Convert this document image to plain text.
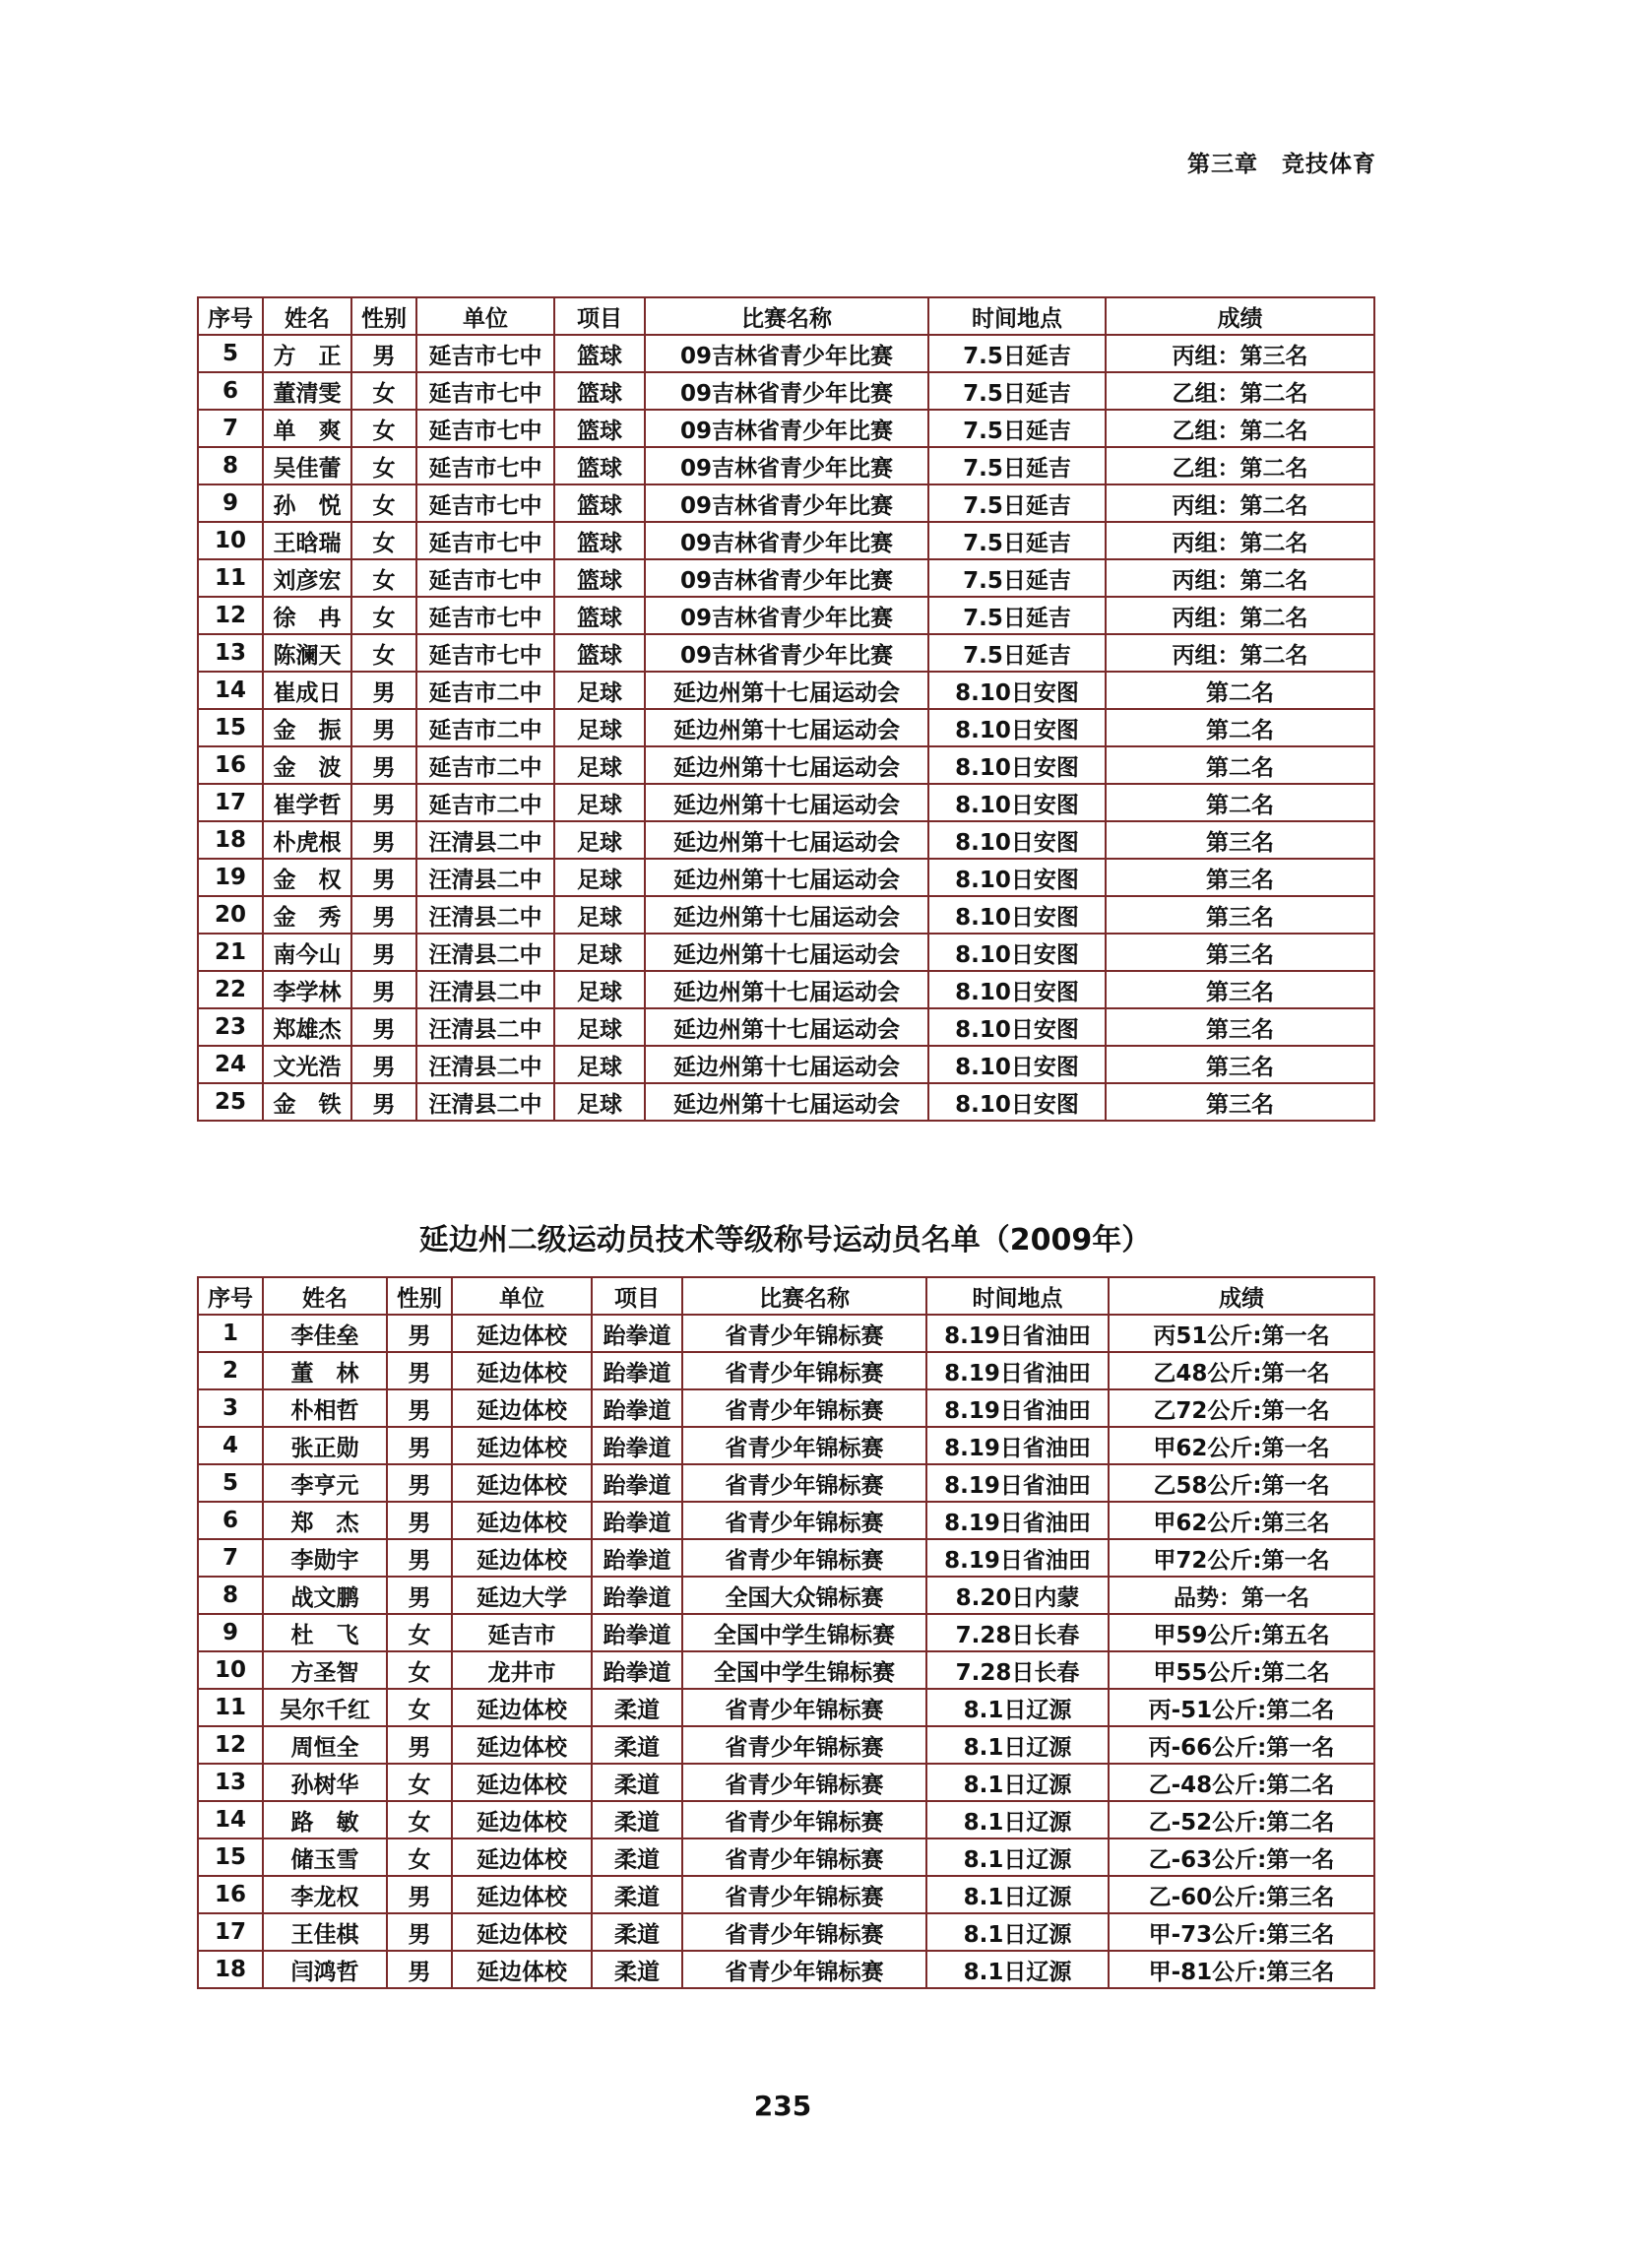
第三章　竞技体育
序号	姓名	性别	单位	项目	比赛名称	时间地点	成绩
5	方　正	男	延吉市七中	篮球	09吉林省青少年比赛	7.5日延吉	丙组：第三名
6	董清雯	女	延吉市七中	篮球	09吉林省青少年比赛	7.5日延吉	乙组：第二名
7	单　爽	女	延吉市七中	篮球	09吉林省青少年比赛	7.5日延吉	乙组：第二名
8	吴佳蕾	女	延吉市七中	篮球	09吉林省青少年比赛	7.5日延吉	乙组：第二名
9	孙　悦	女	延吉市七中	篮球	09吉林省青少年比赛	7.5日延吉	丙组：第二名
10	王晗瑞	女	延吉市七中	篮球	09吉林省青少年比赛	7.5日延吉	丙组：第二名
11	刘彦宏	女	延吉市七中	篮球	09吉林省青少年比赛	7.5日延吉	丙组：第二名
12	徐　冉	女	延吉市七中	篮球	09吉林省青少年比赛	7.5日延吉	丙组：第二名
13	陈澜天	女	延吉市七中	篮球	09吉林省青少年比赛	7.5日延吉	丙组：第二名
14	崔成日	男	延吉市二中	足球	延边州第十七届运动会	8.10日安图	第二名
15	金　振	男	延吉市二中	足球	延边州第十七届运动会	8.10日安图	第二名
16	金　波	男	延吉市二中	足球	延边州第十七届运动会	8.10日安图	第二名
17	崔学哲	男	延吉市二中	足球	延边州第十七届运动会	8.10日安图	第二名
18	朴虎根	男	汪清县二中	足球	延边州第十七届运动会	8.10日安图	第三名
19	金　权	男	汪清县二中	足球	延边州第十七届运动会	8.10日安图	第三名
20	金　秀	男	汪清县二中	足球	延边州第十七届运动会	8.10日安图	第三名
21	南今山	男	汪清县二中	足球	延边州第十七届运动会	8.10日安图	第三名
22	李学林	男	汪清县二中	足球	延边州第十七届运动会	8.10日安图	第三名
23	郑雄杰	男	汪清县二中	足球	延边州第十七届运动会	8.10日安图	第三名
24	文光浩	男	汪清县二中	足球	延边州第十七届运动会	8.10日安图	第三名
25	金　铁	男	汪清县二中	足球	延边州第十七届运动会	8.10日安图	第三名
延边州二级运动员技术等级称号运动员名单（2009年）
序号	姓名	性别	单位	项目	比赛名称	时间地点	成绩
1	李佳垒	男	延边体校	跆拳道	省青少年锦标赛	8.19日省油田	丙51公斤:第一名
2	董　林	男	延边体校	跆拳道	省青少年锦标赛	8.19日省油田	乙48公斤:第一名
3	朴相哲	男	延边体校	跆拳道	省青少年锦标赛	8.19日省油田	乙72公斤:第一名
4	张正勋	男	延边体校	跆拳道	省青少年锦标赛	8.19日省油田	甲62公斤:第一名
5	李亨元	男	延边体校	跆拳道	省青少年锦标赛	8.19日省油田	乙58公斤:第一名
6	郑　杰	男	延边体校	跆拳道	省青少年锦标赛	8.19日省油田	甲62公斤:第三名
7	李勋宇	男	延边体校	跆拳道	省青少年锦标赛	8.19日省油田	甲72公斤:第一名
8	战文鹏	男	延边大学	跆拳道	全国大众锦标赛	8.20日内蒙	品势：第一名
9	杜　飞	女	延吉市	跆拳道	全国中学生锦标赛	7.28日长春	甲59公斤:第五名
10	方圣智	女	龙井市	跆拳道	全国中学生锦标赛	7.28日长春	甲55公斤:第二名
11	吴尔千红	女	延边体校	柔道	省青少年锦标赛	8.1日辽源	丙-51公斤:第二名
12	周恒全	男	延边体校	柔道	省青少年锦标赛	8.1日辽源	丙-66公斤:第一名
13	孙树华	女	延边体校	柔道	省青少年锦标赛	8.1日辽源	乙-48公斤:第二名
14	路　敏	女	延边体校	柔道	省青少年锦标赛	8.1日辽源	乙-52公斤:第二名
15	储玉雪	女	延边体校	柔道	省青少年锦标赛	8.1日辽源	乙-63公斤:第一名
16	李龙权	男	延边体校	柔道	省青少年锦标赛	8.1日辽源	乙-60公斤:第三名
17	王佳棋	男	延边体校	柔道	省青少年锦标赛	8.1日辽源	甲-73公斤:第三名
18	闫鸿哲	男	延边体校	柔道	省青少年锦标赛	8.1日辽源	甲-81公斤:第三名
235
